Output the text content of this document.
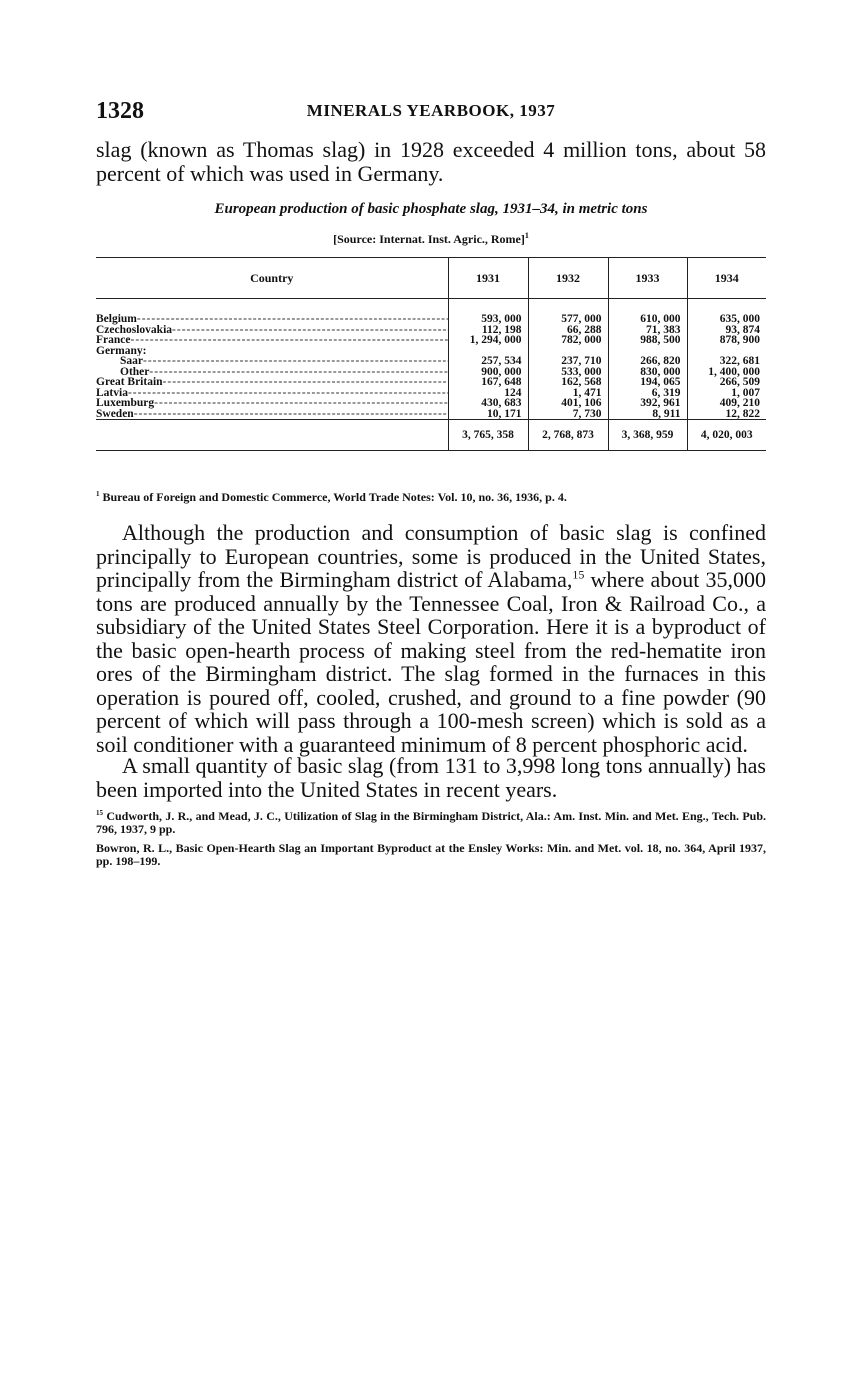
1328	MINERALS YEARBOOK, 1937

slag (known as Thomas slag) in 1928 exceeded 4 million tons, about 58 percent of which was used in Germany.

European production of basic phosphate slag, 1931–34, in metric tons
[Source: Internat. Inst. Agric., Rome]$^1$
Country	1931	1932	1933	1934

Belgium -----	593, 000	577, 000	610, 000	635, 000
Czechoslovakia -----	112, 198	66, 288	71, 383	93, 874
France -----	1, 294, 000	782, 000	988, 500	878, 900
Germany:				
Saar -----	257, 534	237, 710	266, 820	322, 681
Other -----	900, 000	533, 000	830, 000	1, 400, 000
Great Britain -----	167, 648	162, 568	194, 065	266, 509
Latvia -----	124	1, 471	6, 319	1, 007
Luxemburg -----	430, 683	401, 106	392, 961	409, 210
Sweden -----	10, 171	7, 730	8, 911	12, 822
	3, 765, 358	2, 768, 873	3, 368, 959	4, 020, 003

$^1$ Bureau of Foreign and Domestic Commerce, World Trade Notes: Vol. 10, no. 36, 1936, p. 4.

Although the production and consumption of basic slag is confined principally to European countries, some is produced in the United States, principally from the Birmingham district of Alabama,$^{15}$ where about 35,000 tons are produced annually by the Tennessee Coal, Iron & Railroad Co., a subsidiary of the United States Steel Corporation. Here it is a byproduct of the basic open-hearth process of making steel from the red-hematite iron ores of the Birmingham district. The slag formed in the furnaces in this operation is poured off, cooled, crushed, and ground to a fine powder (90 percent of which will pass through a 100-mesh screen) which is sold as a soil conditioner with a guaranteed minimum of 8 percent phosphoric acid.

A small quantity of basic slag (from 131 to 3,998 long tons annually) has been imported into the United States in recent years.

$^{15}$ Cudworth, J. R., and Mead, J. C., Utilization of Slag in the Birmingham District, Ala.: Am. Inst. Min. and Met. Eng., Tech. Pub. 796, 1937, 9 pp.

Bowron, R. L., Basic Open-Hearth Slag an Important Byproduct at the Ensley Works: Min. and Met. vol. 18, no. 364, April 1937, pp. 198–199.
